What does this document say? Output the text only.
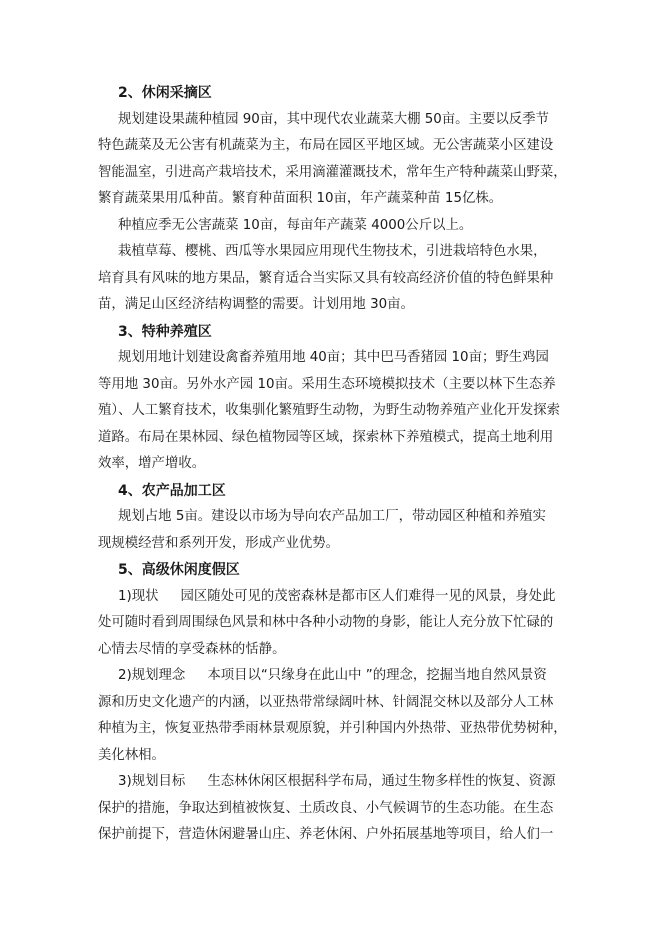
2、休闲采摘区

规划建设果蔬种植园 90亩，其中现代农业蔬菜大棚 50亩。主要以反季节
特色蔬菜及无公害有机蔬菜为主，布局在园区平地区域。无公害蔬菜小区建设
智能温室，引进高产栽培技术，采用滴灌灌溉技术，常年生产特种蔬菜山野菜，
繁育蔬菜果用瓜种苗。繁育种苗面积 10亩，年产蔬菜种苗 15亿株。

种植应季无公害蔬菜 10亩，每亩年产蔬菜 4000公斤以上。

栽植草莓、樱桃、西瓜等水果园应用现代生物技术，引进栽培特色水果，
培育具有风味的地方果品，繁育适合当实际又具有较高经济价值的特色鲜果种
苗，满足山区经济结构调整的需要。计划用地 30亩。

3、特种养殖区

规划用地计划建设禽畜养殖用地 40亩；其中巴马香猪园 10亩；野生鸡园
等用地 30亩。另外水产园 10亩。采用生态环境模拟技术（主要以林下生态养
殖）、人工繁育技术，收集驯化繁殖野生动物，为野生动物养殖产业化开发探索
道路。布局在果林园、绿色植物园等区域，探索林下养殖模式，提高土地利用
效率，增产增收。

4、农产品加工区

规划占地 5亩。建设以市场为导向农产品加工厂，带动园区种植和养殖实
现规模经营和系列开发，形成产业优势。

5、高级休闲度假区

1)现状 园区随处可见的茂密森林是都市区人们难得一见的风景，身处此
处可随时看到周围绿色风景和林中各种小动物的身影，能让人充分放下忙碌的
心情去尽情的享受森林的恬静。

2)规划理念 本项目以“只缘身在此山中 ”的理念，挖掘当地自然风景资
源和历史文化遗产的内涵，以亚热带常绿阔叶林、针阔混交林以及部分人工林
种植为主，恢复亚热带季雨林景观原貌，并引种国内外热带、亚热带优势树种，
美化林相。

3)规划目标 生态林休闲区根据科学布局，通过生物多样性的恢复、资源
保护的措施，争取达到植被恢复、土质改良、小气候调节的生态功能。在生态
保护前提下，营造休闲避暑山庄、养老休闲、户外拓展基地等项目，给人们一
